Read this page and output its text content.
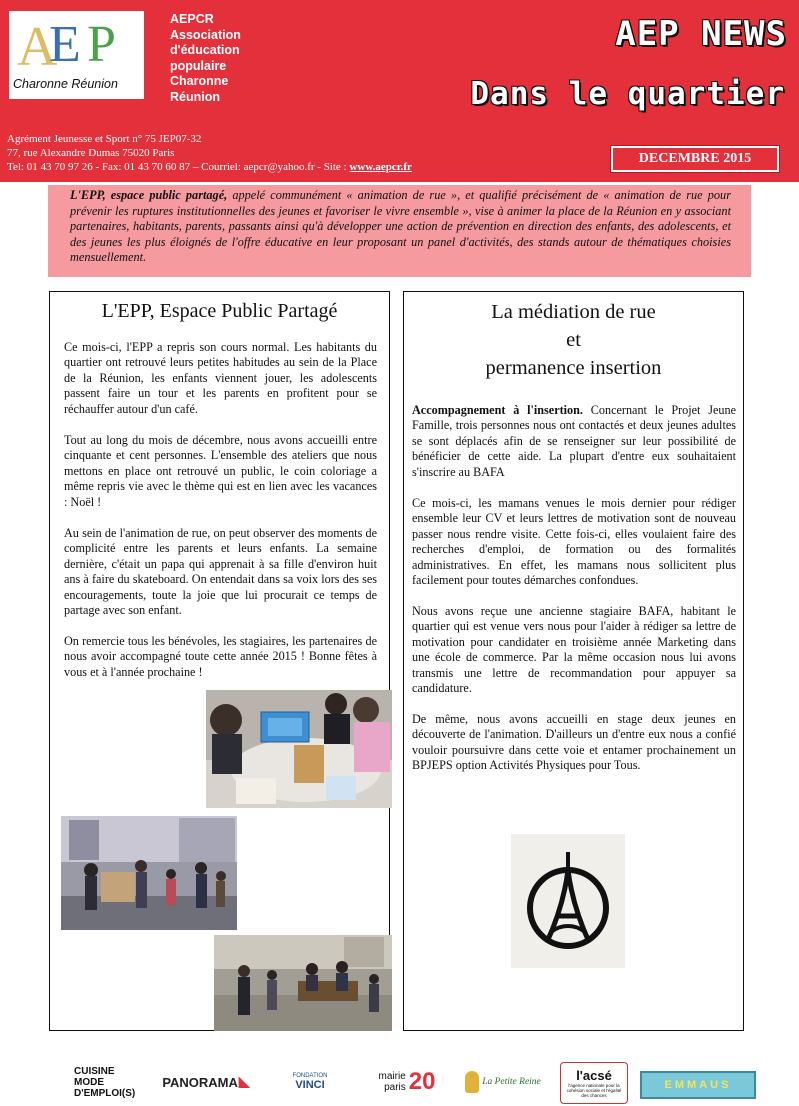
A
E P
Charonne Réunion
AEPCR
Association
d'éducation
populaire
Charonne
Réunion
AEP NEWS
Dans le quartier
Agrément Jeunesse et Sport n° 75 JEP07-32
77, rue Alexandre Dumas 75020 Paris
Tel: 01 43 70 97 26 - Fax: 01 43 70 60 87 – Courriel: aepcr@yahoo.fr - Site : www.aepcr.fr
DECEMBRE 2015
L'EPP, espace public partagé, appelé communément « animation de rue », et qualifié précisément de « animation de rue pour prévenir les ruptures institutionnelles des jeunes et favoriser le vivre ensemble », vise à animer la place de la Réunion en y associant partenaires, habitants, parents, passants ainsi qu'à développer une action de prévention en direction des enfants, des adolescents, et des jeunes les plus éloignés de l'offre éducative en leur proposant un panel d'activités, des stands autour de thématiques choisies mensuellement.
L'EPP, Espace Public Partagé

Ce mois-ci, l'EPP a repris son cours normal. Les habitants du quartier ont retrouvé leurs petites habitudes au sein de la Place de la Réunion, les enfants viennent jouer, les adolescents passent faire un tour et les parents en profitent pour se réchauffer autour d'un café.

Tout au long du mois de décembre, nous avons accueilli entre cinquante et cent personnes. L'ensemble des ateliers que nous mettons en place ont retrouvé un public, le coin coloriage a même repris vie avec le thème qui est en lien avec les vacances : Noël !

Au sein de l'animation de rue, on peut observer des moments de complicité entre les parents et leurs enfants. La semaine dernière, c'était un papa qui apprenait à sa fille d'environ huit ans à faire du skateboard. On entendait dans sa voix lors des ses encouragements, toute la joie que lui procurait ce temps de partage avec son enfant.

On remercie tous les bénévoles, les stagiaires, les partenaires de nous avoir accompagné toute cette année 2015 ! Bonne fêtes à vous et à l'année prochaine !

La médiation de rue
et
permanence insertion

Accompagnement à l'insertion. Concernant le Projet Jeune Famille, trois personnes nous ont contactés et deux jeunes adultes se sont déplacés afin de se renseigner sur leur possibilité de bénéficier de cette aide. La plupart d'entre eux souhaitaient s'inscrire au BAFA

Ce mois-ci, les mamans venues le mois dernier pour rédiger ensemble leur CV et leurs lettres de motivation sont de nouveau passer nous rendre visite. Cette fois-ci, elles voulaient faire des recherches d'emploi, de formation ou des formalités administratives. En effet, les mamans nous sollicitent plus facilement pour toutes démarches confondues.

Nous avons reçue une ancienne stagiaire BAFA, habitant le quartier qui est venue vers nous pour l'aider à rédiger sa lettre de motivation pour candidater en troisième année Marketing dans une école de commerce. Par la même occasion nous lui avons transmis une lettre de recommandation pour appuyer sa candidature.

De même, nous avons accueilli en stage deux jeunes en découverte de l'animation. D'ailleurs un d'entre eux nous a confié vouloir poursuivre dans cette voie et entamer prochainement un BPJEPS option Activités Physiques pour Tous.

CUISINE MODE D'EMPLOI(S)
PANORAMA ◣	FONDATION
VINCI
mairie
paris 20	La Petite Reine	l'acsé
l'agence nationale pour la cohésion sociale et l'égalité des chances
EMMAUS
